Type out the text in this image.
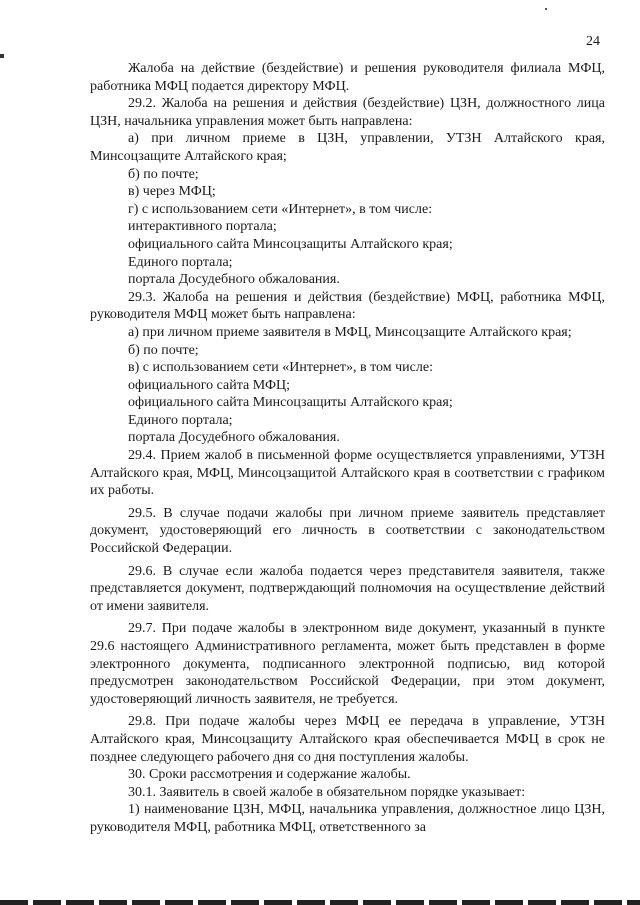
24

Жалоба на действие (бездействие) и решения руководителя филиала МФЦ, работника МФЦ подается директору МФЦ.

29.2. Жалоба на решения и действия (бездействие) ЦЗН, должностного лица ЦЗН, начальника управления может быть направлена:

а) при личном приеме в ЦЗН, управлении, УТЗН Алтайского края, Минсоцзащите Алтайского края;

б) по почте;

в) через МФЦ;

г) с использованием сети «Интернет», в том числе:

интерактивного портала;

официального сайта Минсоцзащиты Алтайского края;

Единого портала;

портала Досудебного обжалования.

29.3. Жалоба на решения и действия (бездействие) МФЦ, работника МФЦ, руководителя МФЦ может быть направлена:

а) при личном приеме заявителя в МФЦ, Минсоцзащите Алтайского края;

б) по почте;

в) с использованием сети «Интернет», в том числе:

официального сайта МФЦ;

официального сайта Минсоцзащиты Алтайского края;

Единого портала;

портала Досудебного обжалования.

29.4. Прием жалоб в письменной форме осуществляется управлениями, УТЗН Алтайского края, МФЦ, Минсоцзащитой Алтайского края в соответствии с графиком их работы.

29.5. В случае подачи жалобы при личном приеме заявитель представляет документ, удостоверяющий его личность в соответствии с законодательством Российской Федерации.

29.6. В случае если жалоба подается через представителя заявителя, также представляется документ, подтверждающий полномочия на осуществление действий от имени заявителя.

29.7. При подаче жалобы в электронном виде документ, указанный в пункте 29.6 настоящего Административного регламента, может быть представлен в форме электронного документа, подписанного электронной подписью, вид которой предусмотрен законодательством Российской Федерации, при этом документ, удостоверяющий личность заявителя, не требуется.

29.8. При подаче жалобы через МФЦ ее передача в управление, УТЗН Алтайского края, Минсоцзащиту Алтайского края обеспечивается МФЦ в срок не позднее следующего рабочего дня со дня поступления жалобы.

30. Сроки рассмотрения и содержание жалобы.

30.1. Заявитель в своей жалобе в обязательном порядке указывает:

1) наименование ЦЗН, МФЦ, начальника управления, должностное лицо ЦЗН, руководителя МФЦ, работника МФЦ, ответственного за
